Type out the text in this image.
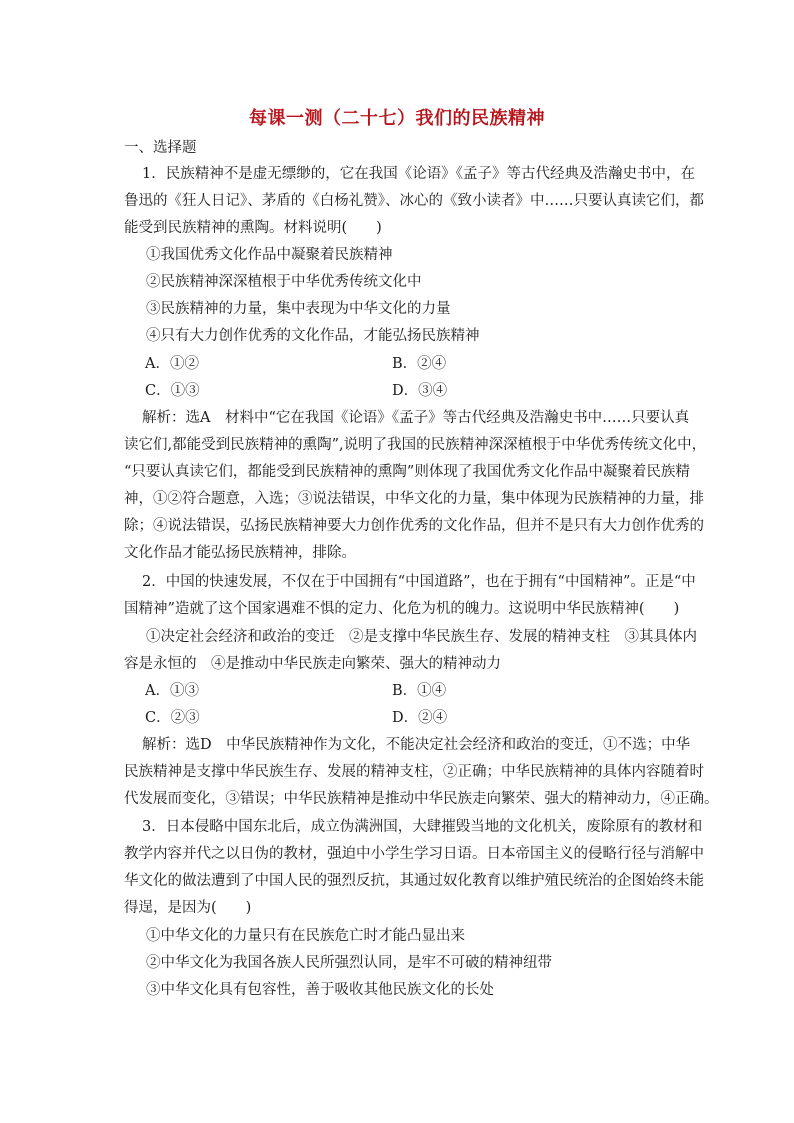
每课一测（二十七）我们的民族精神
一、选择题
1．民族精神不是虚无缥缈的，它在我国《论语》《孟子》等古代经典及浩瀚史书中，在
鲁迅的《狂人日记》、茅盾的《白杨礼赞》、冰心的《致小读者》中……只要认真读它们，都
能受到民族精神的熏陶。材料说明(　　)
①我国优秀文化作品中凝聚着民族精神
②民族精神深深植根于中华优秀传统文化中
③民族精神的力量，集中表现为中华文化的力量
④只有大力创作优秀的文化作品，才能弘扬民族精神
A．①②	B．②④
C．①③	D．③④
解析：选A　材料中“它在我国《论语》《孟子》等古代经典及浩瀚史书中……只要认真
读它们,都能受到民族精神的熏陶”,说明了我国的民族精神深深植根于中华优秀传统文化中，
“只要认真读它们，都能受到民族精神的熏陶”则体现了我国优秀文化作品中凝聚着民族精
神，①②符合题意，入选；③说法错误，中华文化的力量，集中体现为民族精神的力量，排
除；④说法错误，弘扬民族精神要大力创作优秀的文化作品，但并不是只有大力创作优秀的
文化作品才能弘扬民族精神，排除。
2．中国的快速发展，不仅在于中国拥有“中国道路”，也在于拥有“中国精神”。正是“中
国精神”造就了这个国家遇难不惧的定力、化危为机的魄力。这说明中华民族精神(　　)
①决定社会经济和政治的变迁　②是支撑中华民族生存、发展的精神支柱　③其具体内
容是永恒的　④是推动中华民族走向繁荣、强大的精神动力
A．①③	B．①④
C．②③	D．②④
解析：选D　中华民族精神作为文化，不能决定社会经济和政治的变迁，①不选；中华
民族精神是支撑中华民族生存、发展的精神支柱，②正确；中华民族精神的具体内容随着时
代发展而变化，③错误；中华民族精神是推动中华民族走向繁荣、强大的精神动力，④正确。
3．日本侵略中国东北后，成立伪满洲国，大肆摧毁当地的文化机关，废除原有的教材和
教学内容并代之以日伪的教材，强迫中小学生学习日语。日本帝国主义的侵略行径与消解中
华文化的做法遭到了中国人民的强烈反抗，其通过奴化教育以维护殖民统治的企图始终未能
得逞，是因为(　　)
①中华文化的力量只有在民族危亡时才能凸显出来
②中华文化为我国各族人民所强烈认同，是牢不可破的精神纽带
③中华文化具有包容性，善于吸收其他民族文化的长处
